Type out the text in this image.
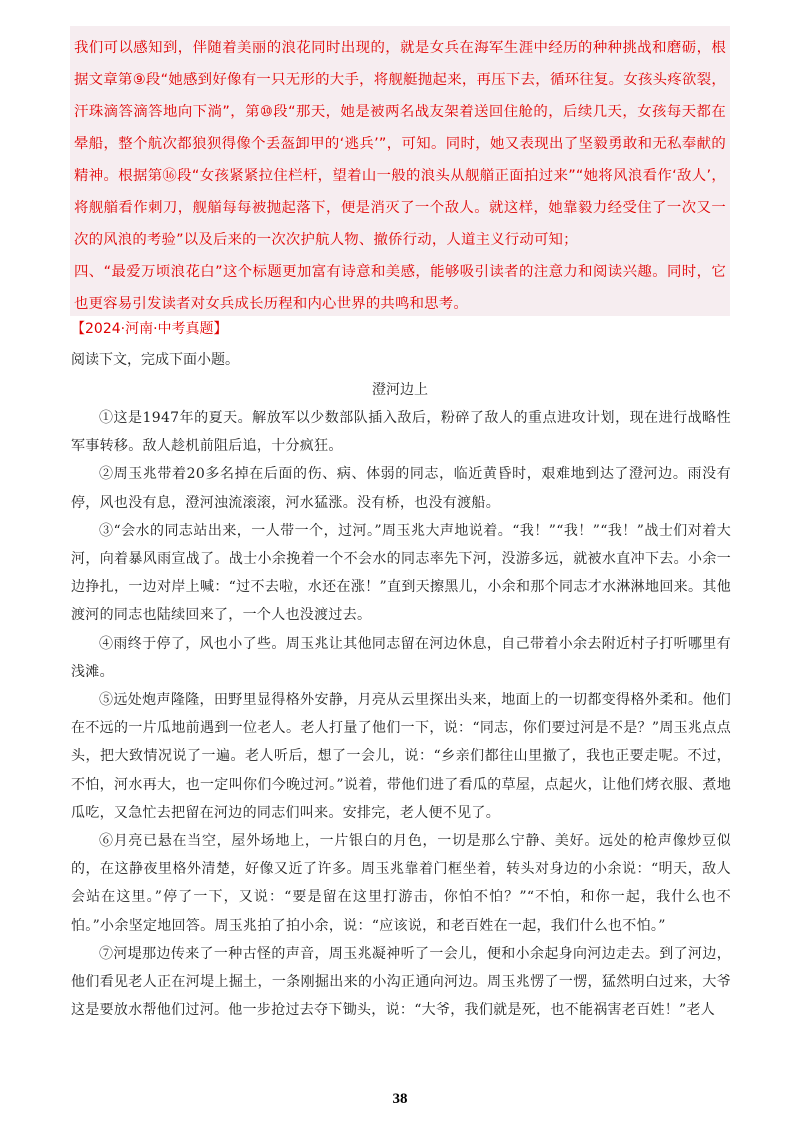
我们可以感知到，伴随着美丽的浪花同时出现的，就是女兵在海军生涯中经历的种种挑战和磨砺，根据文章第⑨段“她感到好像有一只无形的大手，将舰艇抛起来，再压下去，循环往复。女孩头疼欲裂，汗珠滴答滴答地向下淌”，第⑩段“那天，她是被两名战友架着送回住舱的，后续几天，女孩每天都在晕船，整个航次都狼狈得像个丢盔卸甲的‘逃兵’”，可知。同时，她又表现出了坚毅勇敢和无私奉献的精神。根据第⑯段“女孩紧紧拉住栏杆，望着山一般的浪头从舰艏正面拍过来”“她将风浪看作‘敌人’，将舰艏看作刺刀，舰艏每每被抛起落下，便是消灭了一个敌人。就这样，她靠毅力经受住了一次又一次的风浪的考验”以及后来的一次次护航人物、撤侨行动，人道主义行动可知；

四、“最爱万顷浪花白”这个标题更加富有诗意和美感，能够吸引读者的注意力和阅读兴趣。同时，它也更容易引发读者对女兵成长历程和内心世界的共鸣和思考。

【2024·河南·中考真题】
阅读下文，完成下面小题。
澄河边上

①这是1947年的夏天。解放军以少数部队插入敌后，粉碎了敌人的重点进攻计划，现在进行战略性军事转移。敌人趁机前阻后追，十分疯狂。

②周玉兆带着20多名掉在后面的伤、病、体弱的同志，临近黄昏时，艰难地到达了澄河边。雨没有停，风也没有息，澄河浊流滚滚，河水猛涨。没有桥，也没有渡船。

③“会水的同志站出来，一人带一个，过河。”周玉兆大声地说着。“我！”“我！”“我！”战士们对着大河，向着暴风雨宣战了。战士小余挽着一个不会水的同志率先下河，没游多远，就被水直冲下去。小余一边挣扎，一边对岸上喊：“过不去啦，水还在涨！”直到天擦黑儿，小余和那个同志才水淋淋地回来。其他渡河的同志也陆续回来了，一个人也没渡过去。

④雨终于停了，风也小了些。周玉兆让其他同志留在河边休息，自己带着小余去附近村子打听哪里有浅滩。

⑤远处炮声隆隆，田野里显得格外安静，月亮从云里探出头来，地面上的一切都变得格外柔和。他们在不远的一片瓜地前遇到一位老人。老人打量了他们一下，说：“同志，你们要过河是不是？”周玉兆点点头，把大致情况说了一遍。老人听后，想了一会儿，说：“乡亲们都往山里撤了，我也正要走呢。不过，不怕，河水再大，也一定叫你们今晚过河。”说着，带他们进了看瓜的草屋，点起火，让他们烤衣服、煮地瓜吃，又急忙去把留在河边的同志们叫来。安排完，老人便不见了。

⑥月亮已悬在当空，屋外场地上，一片银白的月色，一切是那么宁静、美好。远处的枪声像炒豆似的，在这静夜里格外清楚，好像又近了许多。周玉兆靠着门框坐着，转头对身边的小余说：“明天，敌人会站在这里。”停了一下，又说：“要是留在这里打游击，你怕不怕？”“不怕，和你一起，我什么也不怕。”小余坚定地回答。周玉兆拍了拍小余，说：“应该说，和老百姓在一起，我们什么也不怕。”

⑦河堤那边传来了一种古怪的声音，周玉兆凝神听了一会儿，便和小余起身向河边走去。到了河边，他们看见老人正在河堤上掘土，一条刚掘出来的小沟正通向河边。周玉兆愣了一愣，猛然明白过来，大爷这是要放水帮他们过河。他一步抢过去夺下锄头，说：“大爷，我们就是死，也不能祸害老百姓！”老人

38
